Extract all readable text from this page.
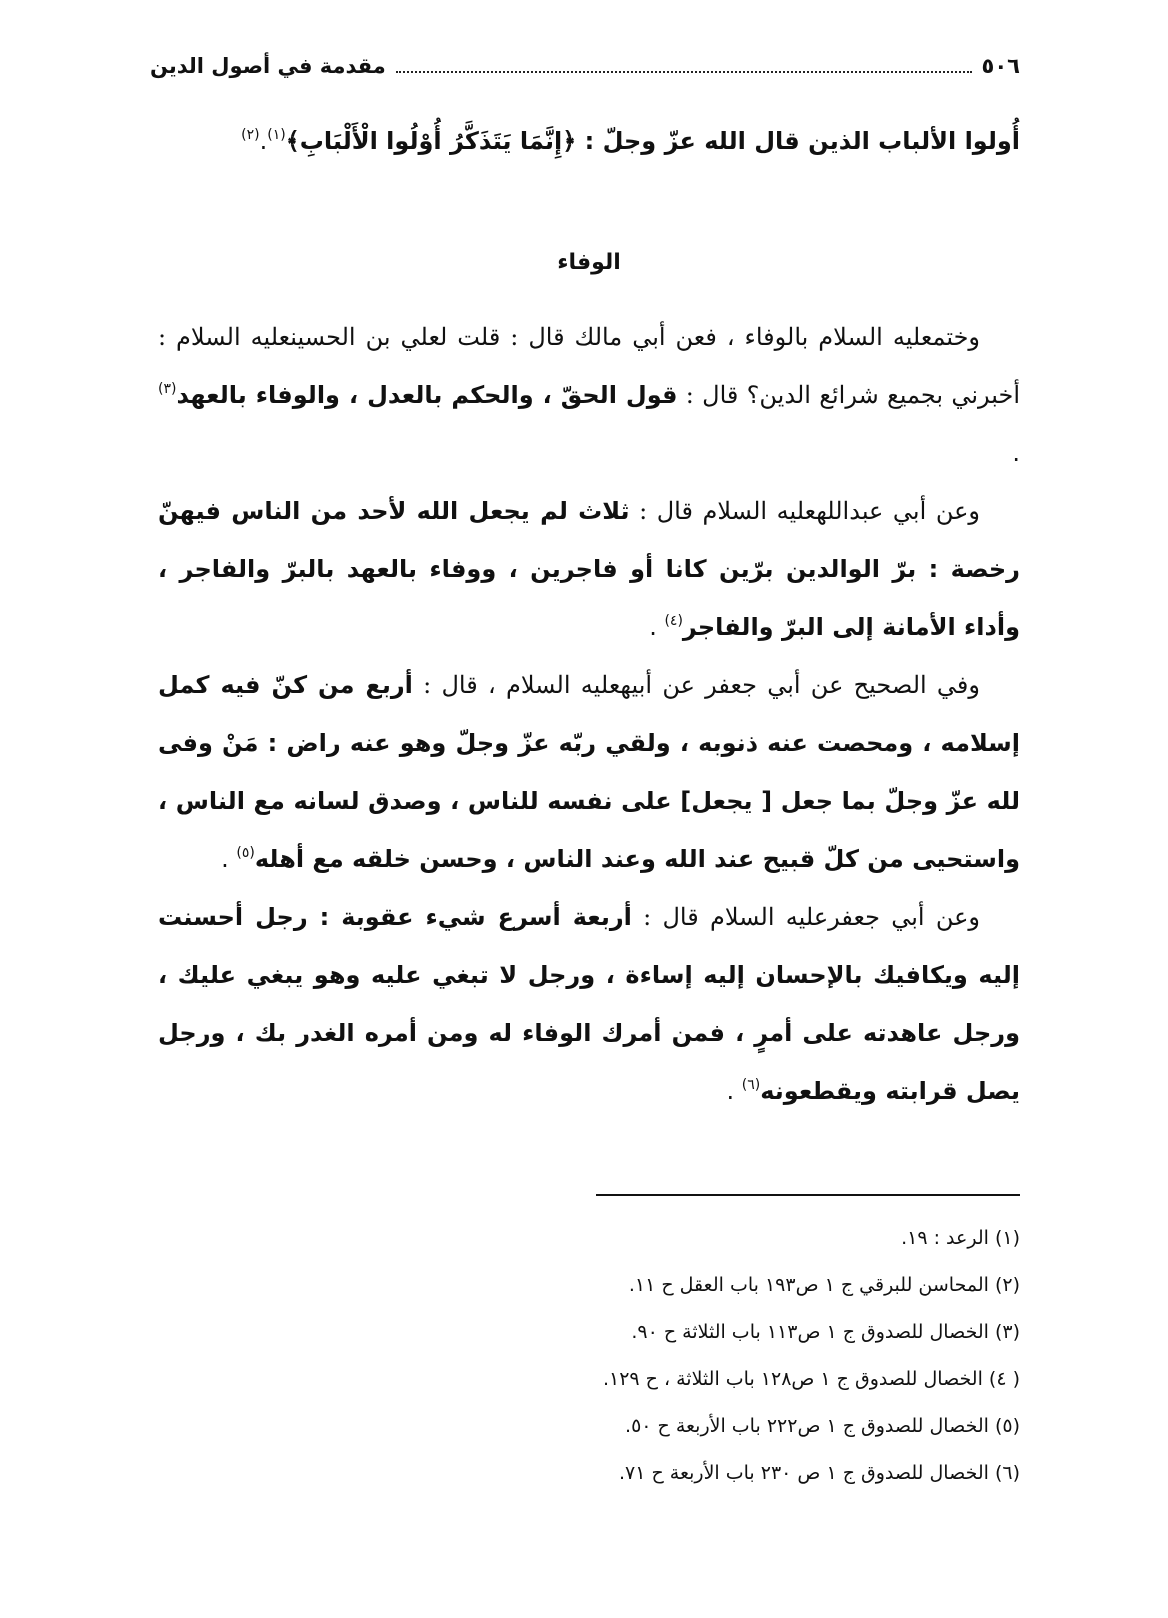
٥٠٦
مقدمة في أصول الدين

أُولوا الألباب الذين قال الله عزّ وجلّ : ﴿إِنَّمَا يَتَذَكَّرُ أُوْلُوا الْأَلْبَابِ﴾$^{(١)}$.$^{(٢)}$

الوفاء

وختمعليه السلام بالوفاء ، فعن أبي مالك قال : قلت لعلي بن الحسينعليه السلام : أخبرني بجميع شرائع الدين؟ قال : قول الحقّ ، والحكم بالعدل ، والوفاء بالعهد$^{(٣)}$ .

وعن أبي عبداللهعليه السلام قال : ثلاث لم يجعل الله لأحد من الناس فيهنّ رخصة : برّ الوالدين برّين كانا أو فاجرين ، ووفاء بالعهد بالبرّ والفاجر ، وأداء الأمانة إلى البرّ والفاجر$^{(٤)}$ .

وفي الصحيح عن أبي جعفر عن أبيهعليه السلام ، قال : أربع من كنّ فيه كمل إسلامه ، ومحصت عنه ذنوبه ، ولقي ربّه عزّ وجلّ وهو عنه راض : مَنْ وفى لله عزّ وجلّ بما جعل [ يجعل] على نفسه للناس ، وصدق لسانه مع الناس ، واستحيى من كلّ قبيح عند الله وعند الناس ، وحسن خلقه مع أهله$^{(٥)}$ .

وعن أبي جعفرعليه السلام قال : أربعة أسرع شيء عقوبة : رجل أحسنت إليه ويكافيك بالإحسان إليه إساءة ، ورجل لا تبغي عليه وهو يبغي عليك ، ورجل عاهدته على أمرٍ ، فمن أمرك الوفاء له ومن أمره الغدر بك ، ورجل يصل قرابته ويقطعونه$^{(٦)}$ .

(١) الرعد : ١٩.

(٢) المحاسن للبرقي ج ١ ص١٩٣ باب العقل ح ١١.

(٣) الخصال للصدوق ج ١ ص١١٣ باب الثلاثة ح ٩٠.

( ٤) الخصال للصدوق ج ١ ص١٢٨ باب الثلاثة ، ح ١٢٩.

(٥) الخصال للصدوق ج ١ ص٢٢٢ باب الأربعة ح ٥٠.

(٦) الخصال للصدوق ج ١ ص ٢٣٠ باب الأربعة ح ٧١.
